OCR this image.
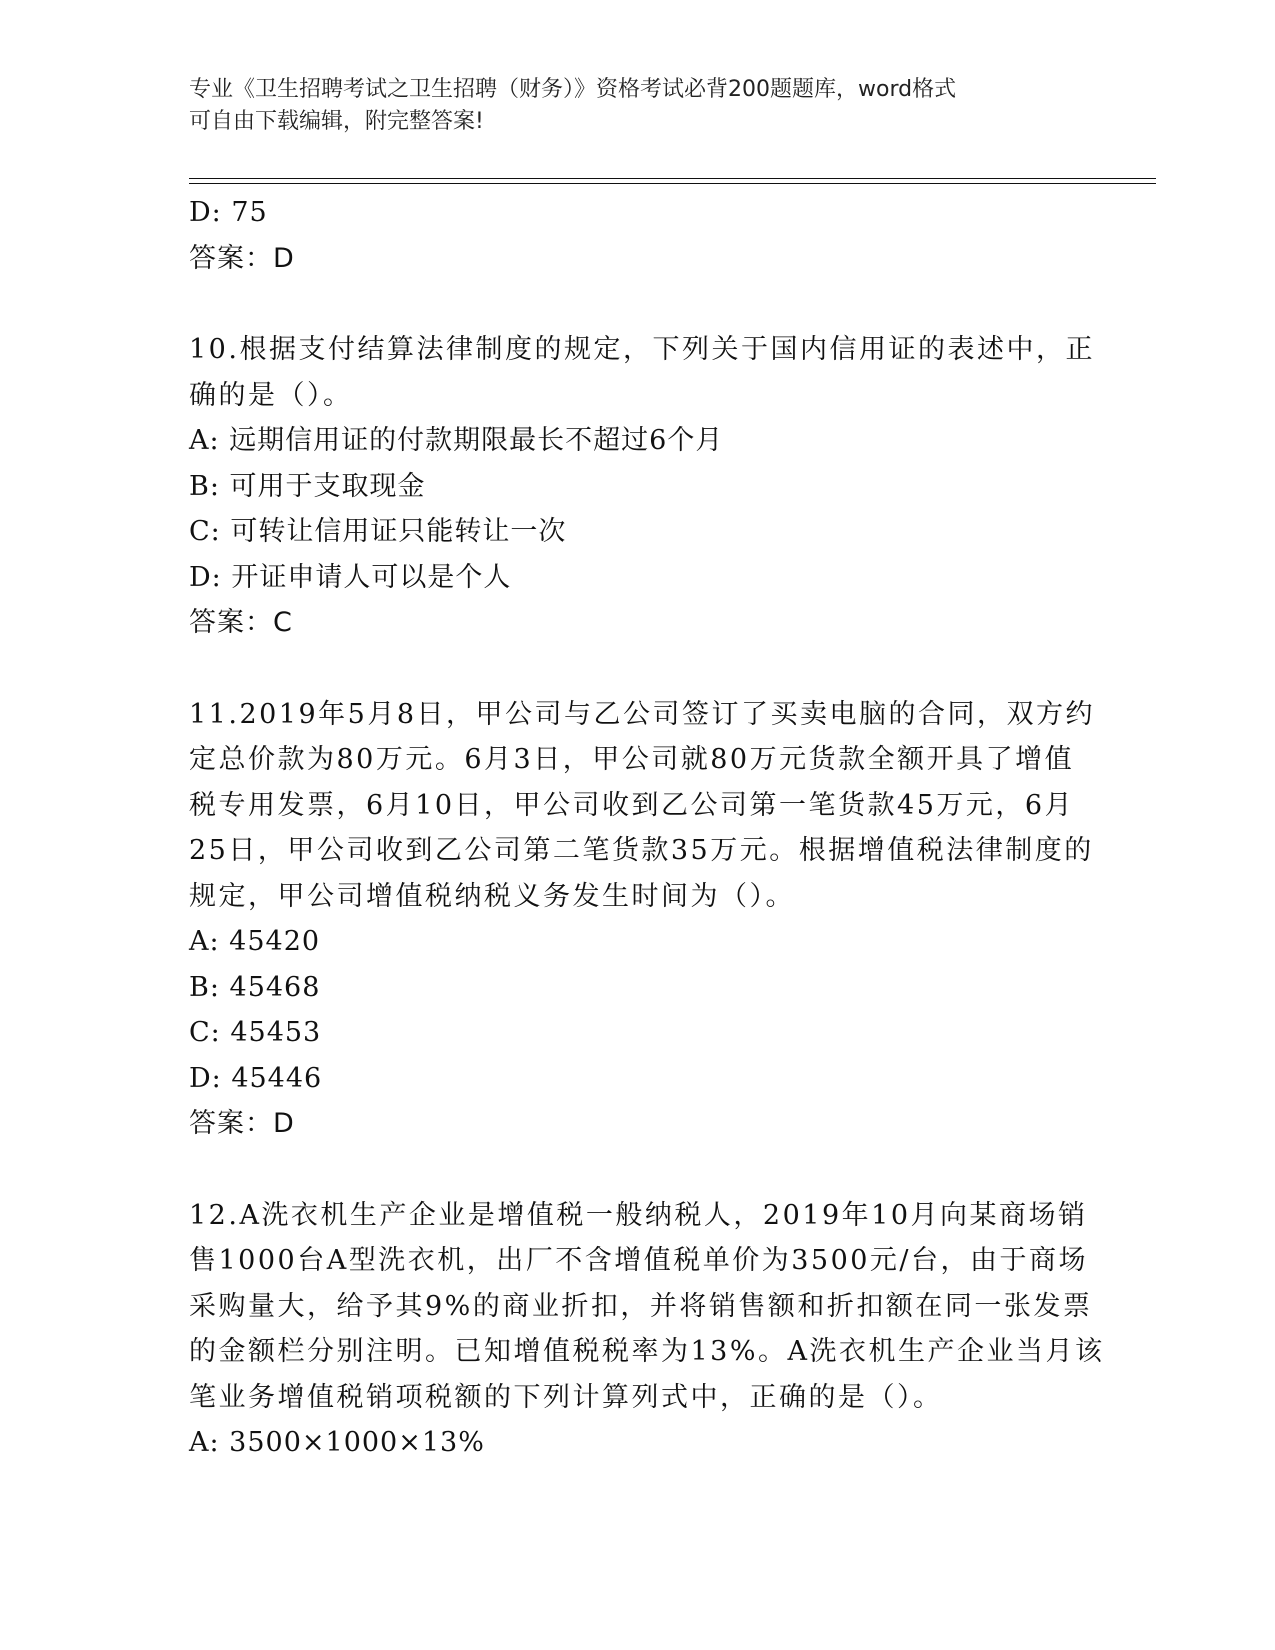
专业《卫生招聘考试之卫生招聘（财务）》资格考试必背200题题库，word格式
可自由下载编辑，附完整答案!
D: 75
答案：D
10.根据支付结算法律制度的规定，下列关于国内信用证的表述中，正
确的是（）。
A: 远期信用证的付款期限最长不超过6个月
B: 可用于支取现金
C: 可转让信用证只能转让一次
D: 开证申请人可以是个人
答案：C
11.2019年5月8日，甲公司与乙公司签订了买卖电脑的合同，双方约
定总价款为80万元。6月3日，甲公司就80万元货款全额开具了增值
税专用发票，6月10日，甲公司收到乙公司第一笔货款45万元，6月
25日，甲公司收到乙公司第二笔货款35万元。根据增值税法律制度的
规定，甲公司增值税纳税义务发生时间为（）。
A: 45420
B: 45468
C: 45453
D: 45446
答案：D
12.A洗衣机生产企业是增值税一般纳税人，2019年10月向某商场销
售1000台A型洗衣机，出厂不含增值税单价为3500元/台，由于商场
采购量大，给予其9%的商业折扣，并将销售额和折扣额在同一张发票
的金额栏分别注明。已知增值税税率为13%。A洗衣机生产企业当月该
笔业务增值税销项税额的下列计算列式中，正确的是（）。
A: 3500×1000×13%
